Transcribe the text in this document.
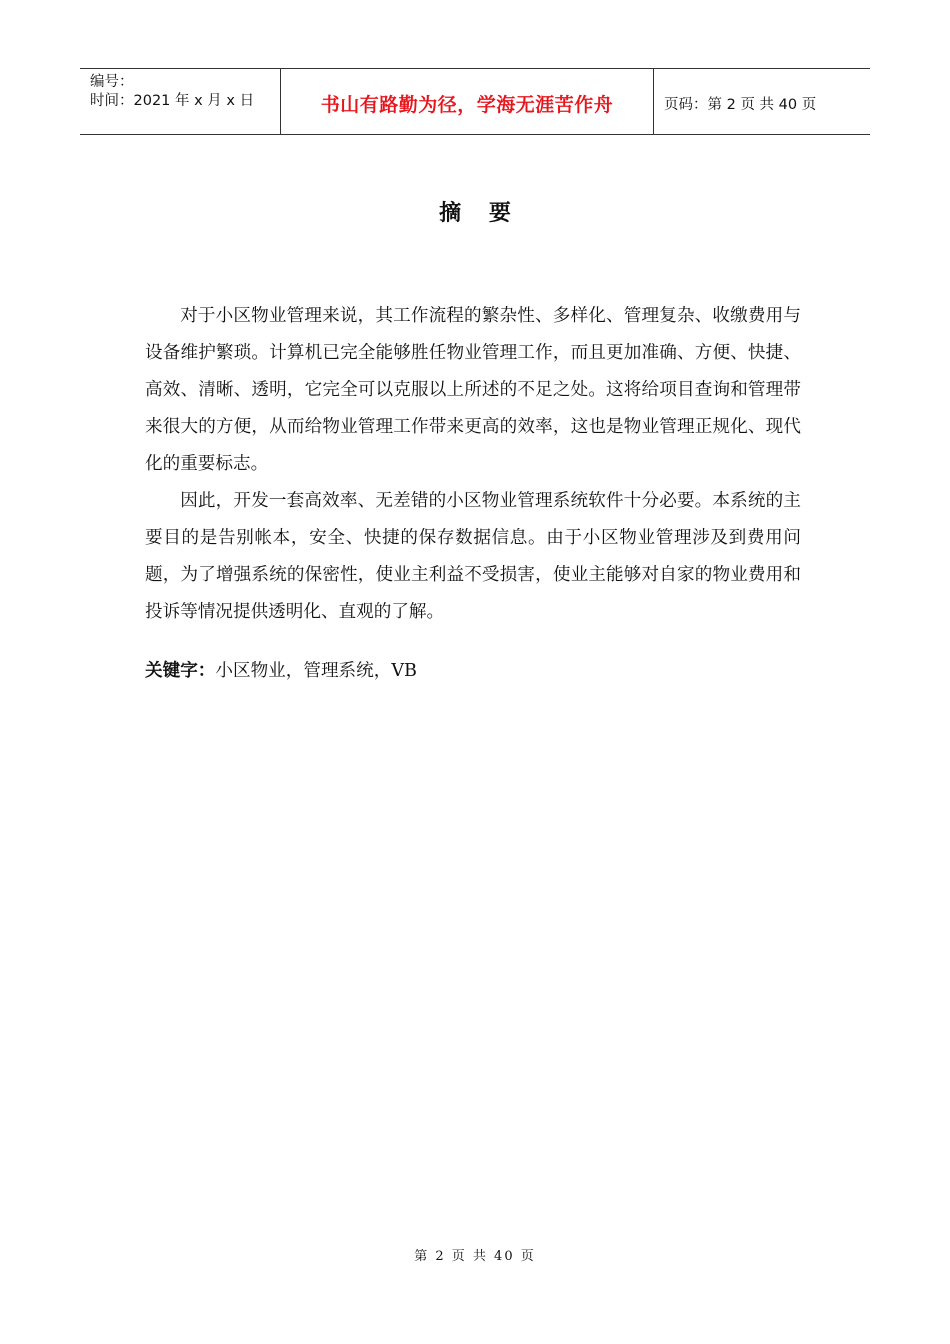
编号：
时间：2021 年 x 月 x 日	书山有路勤为径，学海无涯苦作舟	页码：第 2 页 共 40 页
摘 要

对于小区物业管理来说，其工作流程的繁杂性、多样化、管理复杂、收缴费用与设备维护繁琐。计算机已完全能够胜任物业管理工作，而且更加准确、方便、快捷、高效、清晰、透明，它完全可以克服以上所述的不足之处。这将给项目查询和管理带来很大的方便，从而给物业管理工作带来更高的效率，这也是物业管理正规化、现代化的重要标志。

因此，开发一套高效率、无差错的小区物业管理系统软件十分必要。本系统的主要目的是告别帐本，安全、快捷的保存数据信息。由于小区物业管理涉及到费用问题，为了增强系统的保密性，使业主利益不受损害，使业主能够对自家的物业费用和投诉等情况提供透明化、直观的了解。

关键字：小区物业，管理系统，VB
第 2 页 共 40 页
